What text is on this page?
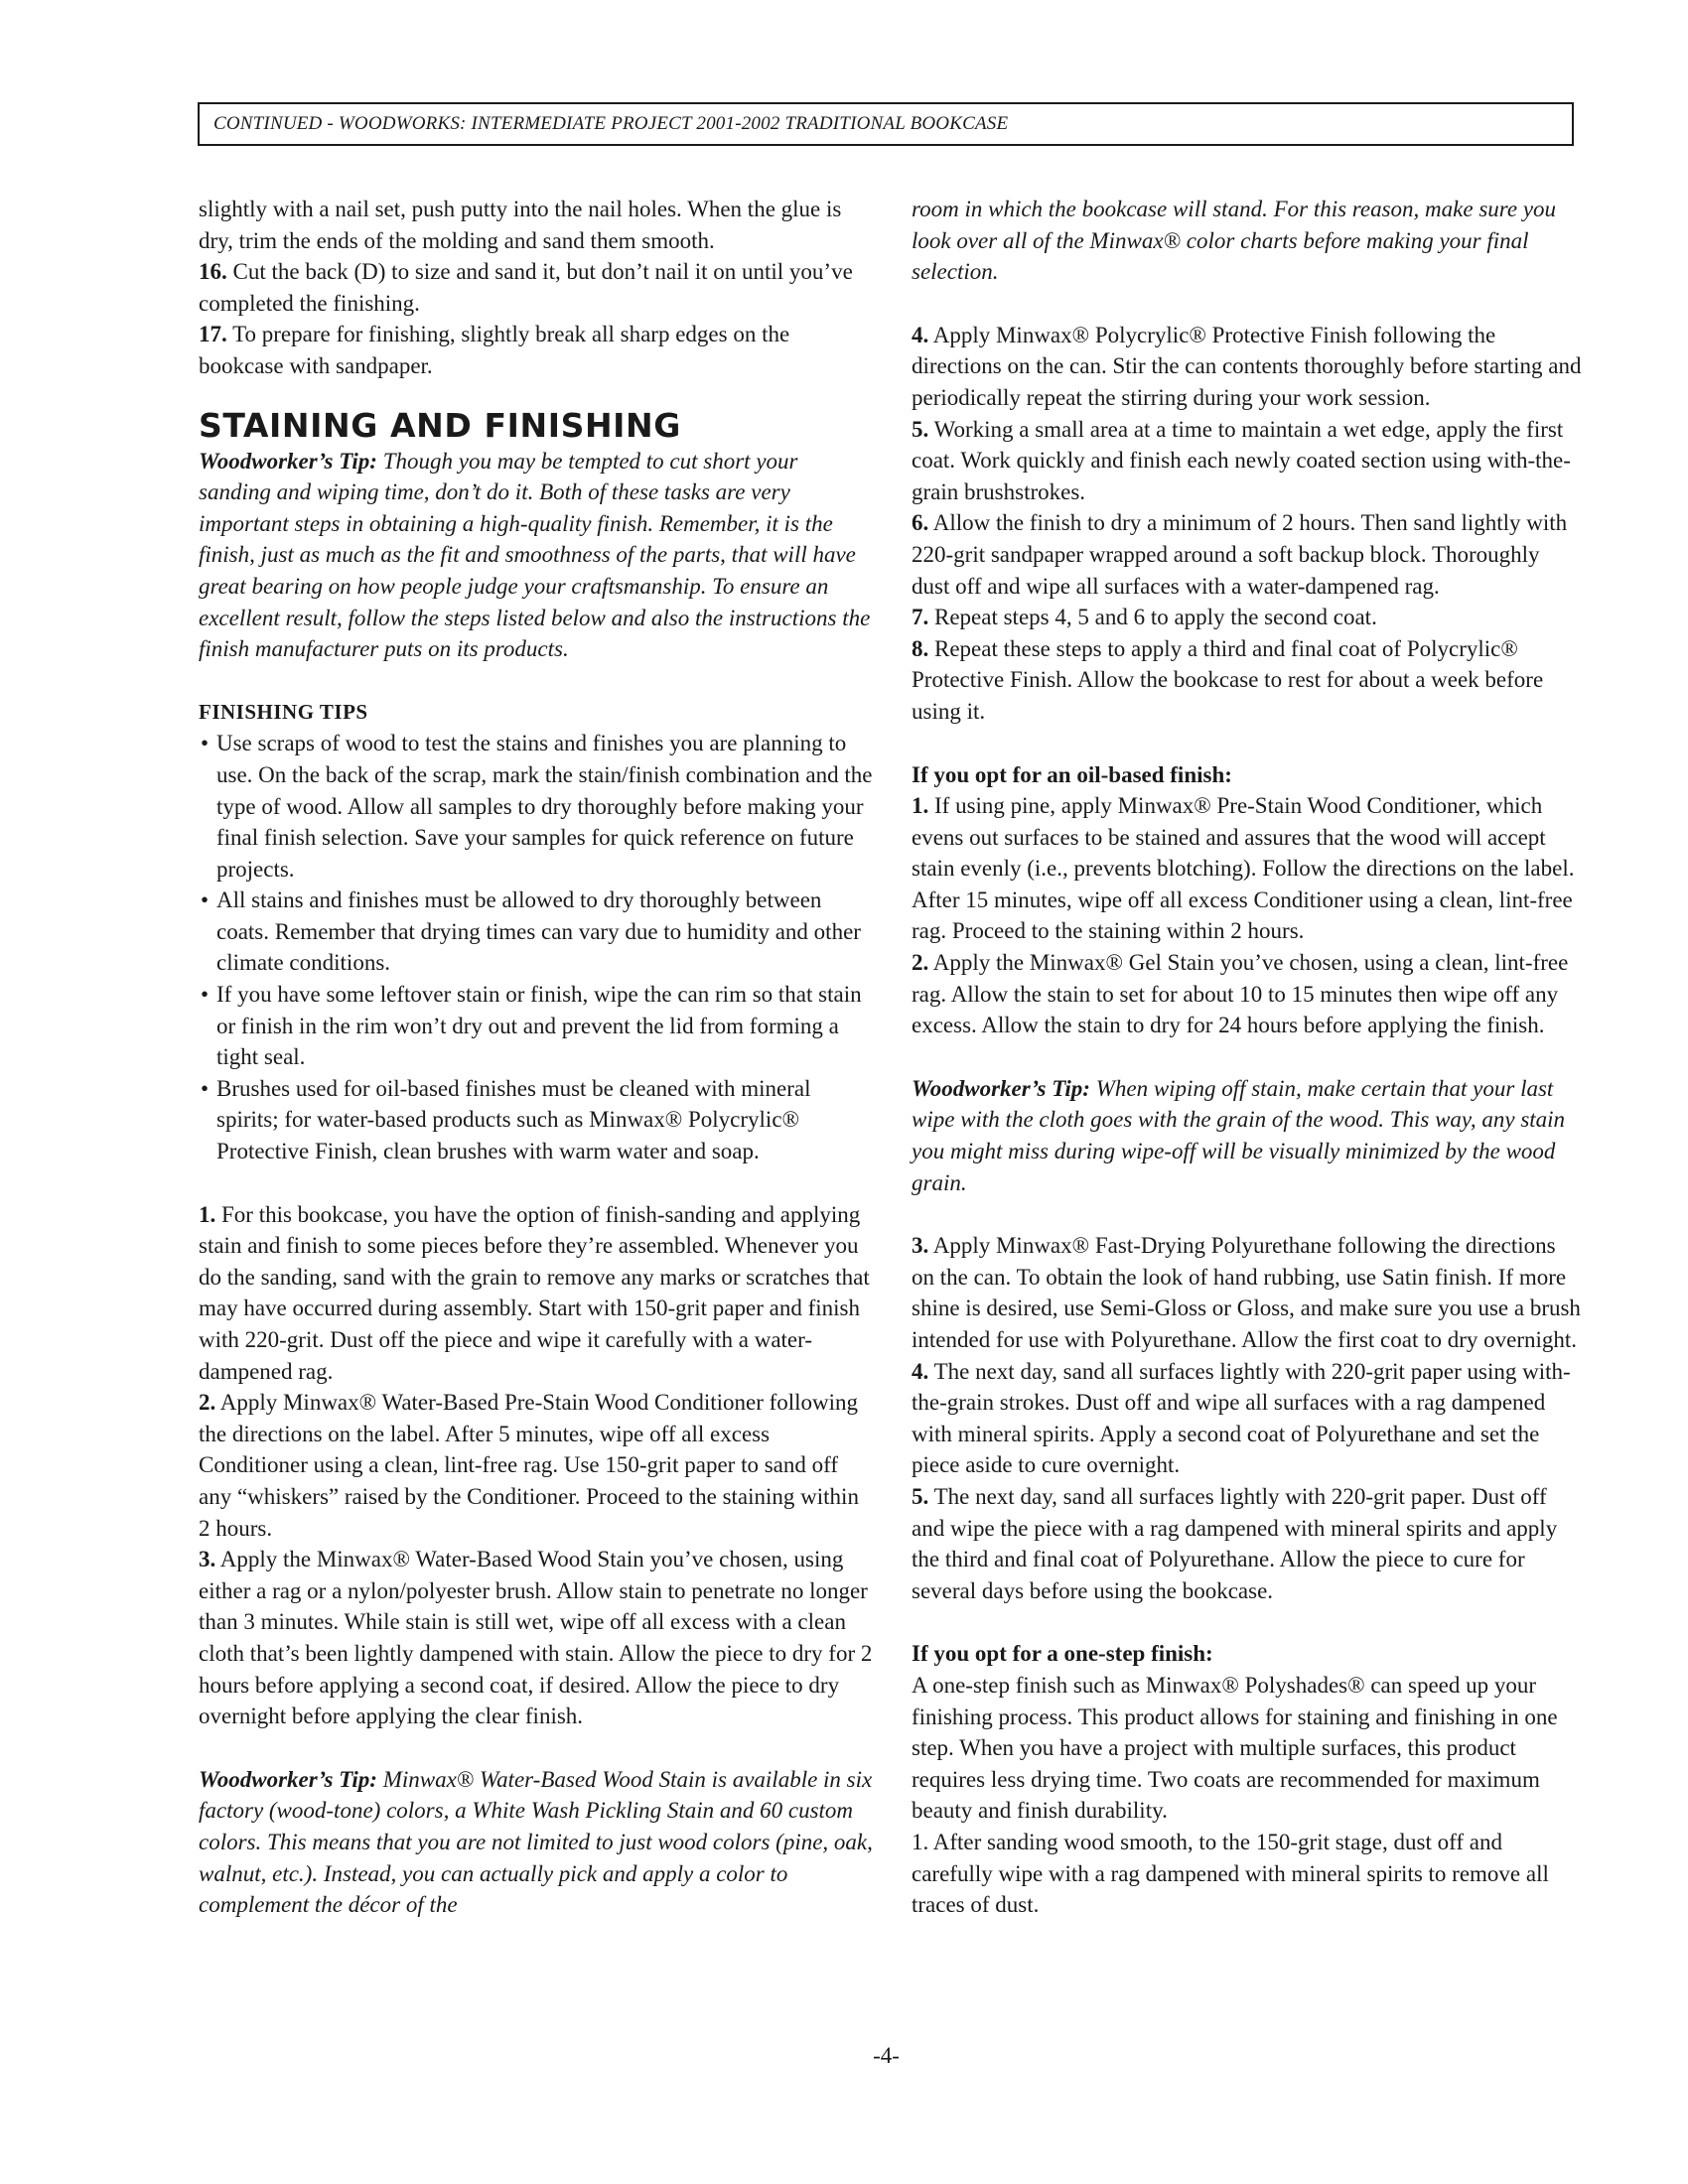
CONTINUED - WOODWORKS: INTERMEDIATE PROJECT 2001-2002 TRADITIONAL BOOKCASE

slightly with a nail set, push putty into the nail holes. When the glue is dry, trim the ends of the molding and sand them smooth.

16. Cut the back (D) to size and sand it, but don’t nail it on until you’ve completed the finishing.

17. To prepare for finishing, slightly break all sharp edges on the bookcase with sandpaper.

STAINING AND FINISHING

Woodworker’s Tip: Though you may be tempted to cut short your sanding and wiping time, don’t do it. Both of these tasks are very important steps in obtaining a high-quality finish. Remember, it is the finish, just as much as the fit and smoothness of the parts, that will have great bearing on how people judge your craftsmanship. To ensure an excellent result, follow the steps listed below and also the instructions the finish manufacturer puts on its products.

FINISHING TIPS

• Use scraps of wood to test the stains and finishes you are planning to use. On the back of the scrap, mark the stain/finish combination and the type of wood. Allow all samples to dry thoroughly before making your final finish selection. Save your samples for quick reference on future projects.
• All stains and finishes must be allowed to dry thoroughly between coats. Remember that drying times can vary due to humidity and other climate conditions.
• If you have some leftover stain or finish, wipe the can rim so that stain or finish in the rim won’t dry out and prevent the lid from forming a tight seal.
• Brushes used for oil-based finishes must be cleaned with mineral spirits; for water-based products such as Minwax® Polycrylic® Protective Finish, clean brushes with warm water and soap.

1. For this bookcase, you have the option of finish-sanding and applying stain and finish to some pieces before they’re assembled. Whenever you do the sanding, sand with the grain to remove any marks or scratches that may have occurred during assembly. Start with 150-grit paper and finish with 220-grit. Dust off the piece and wipe it carefully with a water-dampened rag.

2. Apply Minwax® Water-Based Pre-Stain Wood Conditioner following the directions on the label. After 5 minutes, wipe off all excess Conditioner using a clean, lint-free rag. Use 150-grit paper to sand off any “whiskers” raised by the Conditioner. Proceed to the staining within 2 hours.

3. Apply the Minwax® Water-Based Wood Stain you’ve chosen, using either a rag or a nylon/polyester brush. Allow stain to penetrate no longer than 3 minutes. While stain is still wet, wipe off all excess with a clean cloth that’s been lightly dampened with stain. Allow the piece to dry for 2 hours before applying a second coat, if desired. Allow the piece to dry overnight before applying the clear finish.

Woodworker’s Tip: Minwax® Water-Based Wood Stain is available in six factory (wood-tone) colors, a White Wash Pickling Stain and 60 custom colors. This means that you are not limited to just wood colors (pine, oak, walnut, etc.). Instead, you can actually pick and apply a color to complement the décor of the

room in which the bookcase will stand. For this reason, make sure you look over all of the Minwax® color charts before making your final selection.

4. Apply Minwax® Polycrylic® Protective Finish following the directions on the can. Stir the can contents thoroughly before starting and periodically repeat the stirring during your work session.

5. Working a small area at a time to maintain a wet edge, apply the first coat. Work quickly and finish each newly coated section using with-the-grain brushstrokes.

6. Allow the finish to dry a minimum of 2 hours. Then sand lightly with 220-grit sandpaper wrapped around a soft backup block. Thoroughly dust off and wipe all surfaces with a water-dampened rag.

7. Repeat steps 4, 5 and 6 to apply the second coat.

8. Repeat these steps to apply a third and final coat of Polycrylic® Protective Finish. Allow the bookcase to rest for about a week before using it.

If you opt for an oil-based finish:

1. If using pine, apply Minwax® Pre-Stain Wood Conditioner, which evens out surfaces to be stained and assures that the wood will accept stain evenly (i.e., prevents blotching). Follow the directions on the label. After 15 minutes, wipe off all excess Conditioner using a clean, lint-free rag. Proceed to the staining within 2 hours.

2. Apply the Minwax® Gel Stain you’ve chosen, using a clean, lint-free rag. Allow the stain to set for about 10 to 15 minutes then wipe off any excess. Allow the stain to dry for 24 hours before applying the finish.

Woodworker’s Tip: When wiping off stain, make certain that your last wipe with the cloth goes with the grain of the wood. This way, any stain you might miss during wipe-off will be visually minimized by the wood grain.

3. Apply Minwax® Fast-Drying Polyurethane following the directions on the can. To obtain the look of hand rubbing, use Satin finish. If more shine is desired, use Semi-Gloss or Gloss, and make sure you use a brush intended for use with Polyurethane. Allow the first coat to dry overnight.

4. The next day, sand all surfaces lightly with 220-grit paper using with-the-grain strokes. Dust off and wipe all surfaces with a rag dampened with mineral spirits. Apply a second coat of Polyurethane and set the piece aside to cure overnight.

5. The next day, sand all surfaces lightly with 220-grit paper. Dust off and wipe the piece with a rag dampened with mineral spirits and apply the third and final coat of Polyurethane. Allow the piece to cure for several days before using the bookcase.

If you opt for a one-step finish:

A one-step finish such as Minwax® Polyshades® can speed up your finishing process. This product allows for staining and finishing in one step. When you have a project with multiple surfaces, this product requires less drying time. Two coats are recommended for maximum beauty and finish durability.

1. After sanding wood smooth, to the 150-grit stage, dust off and carefully wipe with a rag dampened with mineral spirits to remove all traces of dust.

-4-
